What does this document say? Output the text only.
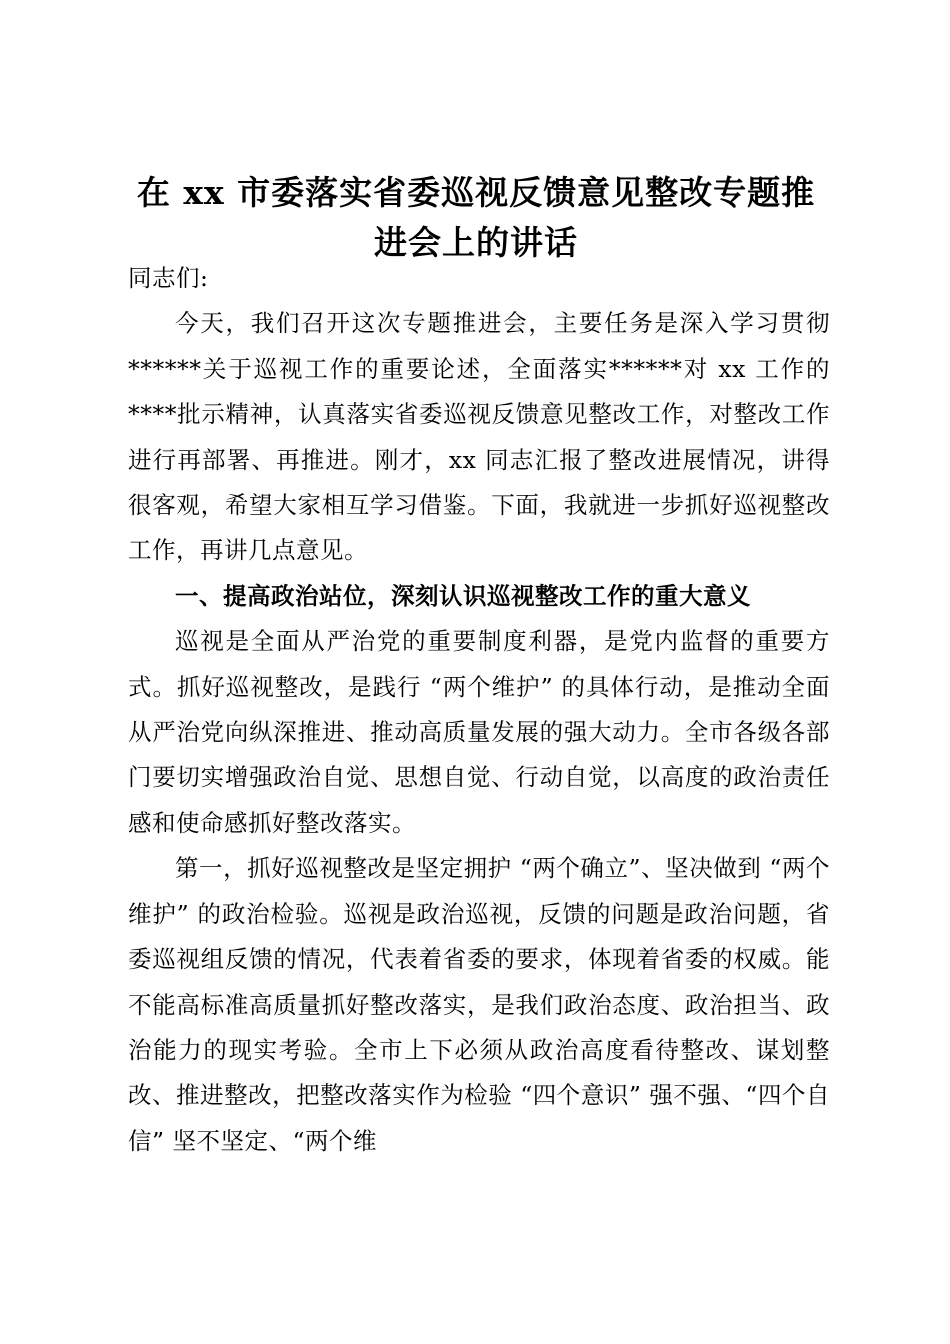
在 xx 市委落实省委巡视反馈意见整改专题推进会上的讲话

同志们:

今天，我们召开这次专题推进会，主要任务是深入学习贯彻******关于巡视工作的重要论述，全面落实******对 xx 工作的****批示精神，认真落实省委巡视反馈意见整改工作，对整改工作进行再部署、再推进。刚才，xx 同志汇报了整改进展情况，讲得很客观，希望大家相互学习借鉴。下面，我就进一步抓好巡视整改工作，再讲几点意见。

一、提高政治站位，深刻认识巡视整改工作的重大意义

巡视是全面从严治党的重要制度利器，是党内监督的重要方式。抓好巡视整改，是践行 “两个维护” 的具体行动，是推动全面从严治党向纵深推进、推动高质量发展的强大动力。全市各级各部门要切实增强政治自觉、思想自觉、行动自觉，以高度的政治责任感和使命感抓好整改落实。

第一，抓好巡视整改是坚定拥护 “两个确立”、坚决做到 “两个维护” 的政治检验。巡视是政治巡视，反馈的问题是政治问题，省委巡视组反馈的情况，代表着省委的要求，体现着省委的权威。能不能高标准高质量抓好整改落实，是我们政治态度、政治担当、政治能力的现实考验。全市上下必须从政治高度看待整改、谋划整改、推进整改，把整改落实作为检验 “四个意识” 强不强、“四个自信” 坚不坚定、“两个维
